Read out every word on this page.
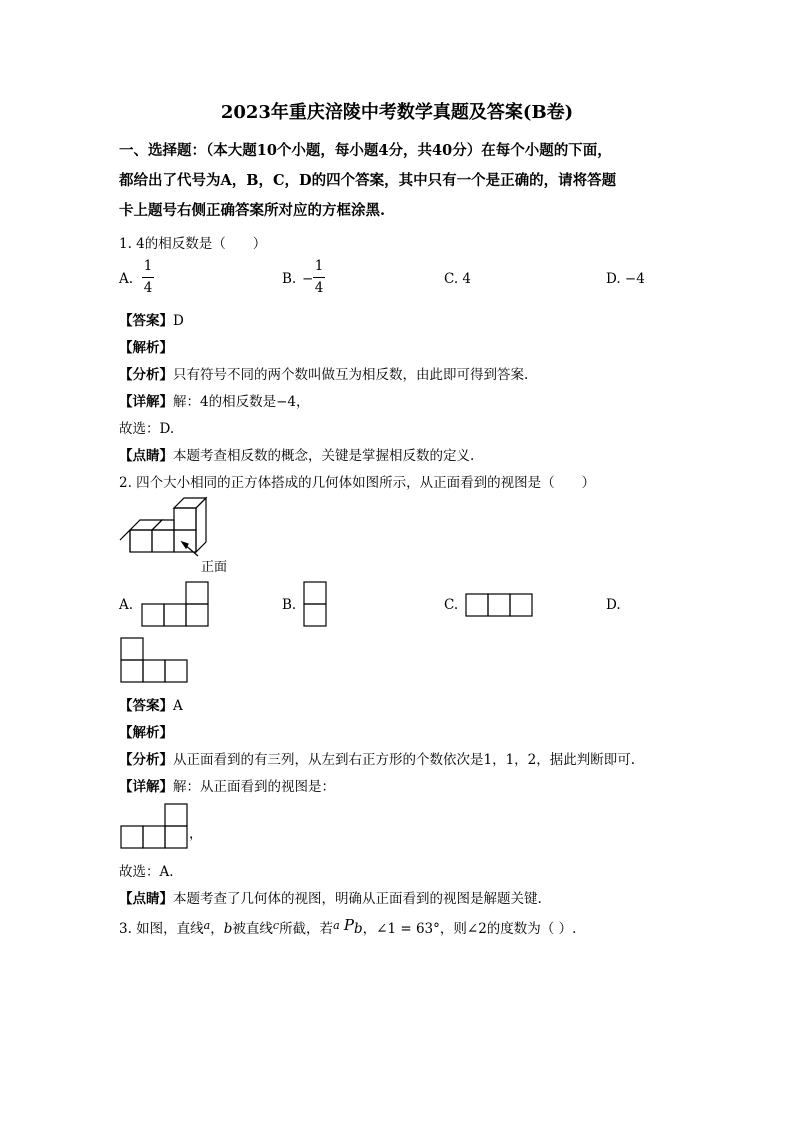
2023年重庆涪陵中考数学真题及答案(B卷)
一、选择题：（本大题10个小题，每小题4分，共40分）在每个小题的下面，
都给出了代号为A，B，C，D的四个答案，其中只有一个是正确的，请将答题
卡上题号右侧正确答案所对应的方框涂黑.
1. 4的相反数是（　　）
A.
1
4
B. −
1
4
C. 4	D. −4
【答案】D
【解析】
【分析】只有符号不同的两个数叫做互为相反数，由此即可得到答案.
【详解】解：4的相反数是−4，
故选：D.
【点睛】本题考查相反数的概念，关键是掌握相反数的定义.
2. 四个大小相同的正方体搭成的几何体如图所示，从正面看到的视图是（　　）
正面
A.	B.	C.	D.
【答案】A
【解析】
【分析】从正面看到的有三列，从左到右正方形的个数依次是1，1，2，据此判断即可.
【详解】解：从正面看到的视图是：
，
故选：A.
【点睛】本题考查了几何体的视图，明确从正面看到的视图是解题关键.
3. 如图，直线$^a$，b被直线$^c$所截，若$^a$ Pb，∠1 = 63°，则∠2的度数为（ ）.
